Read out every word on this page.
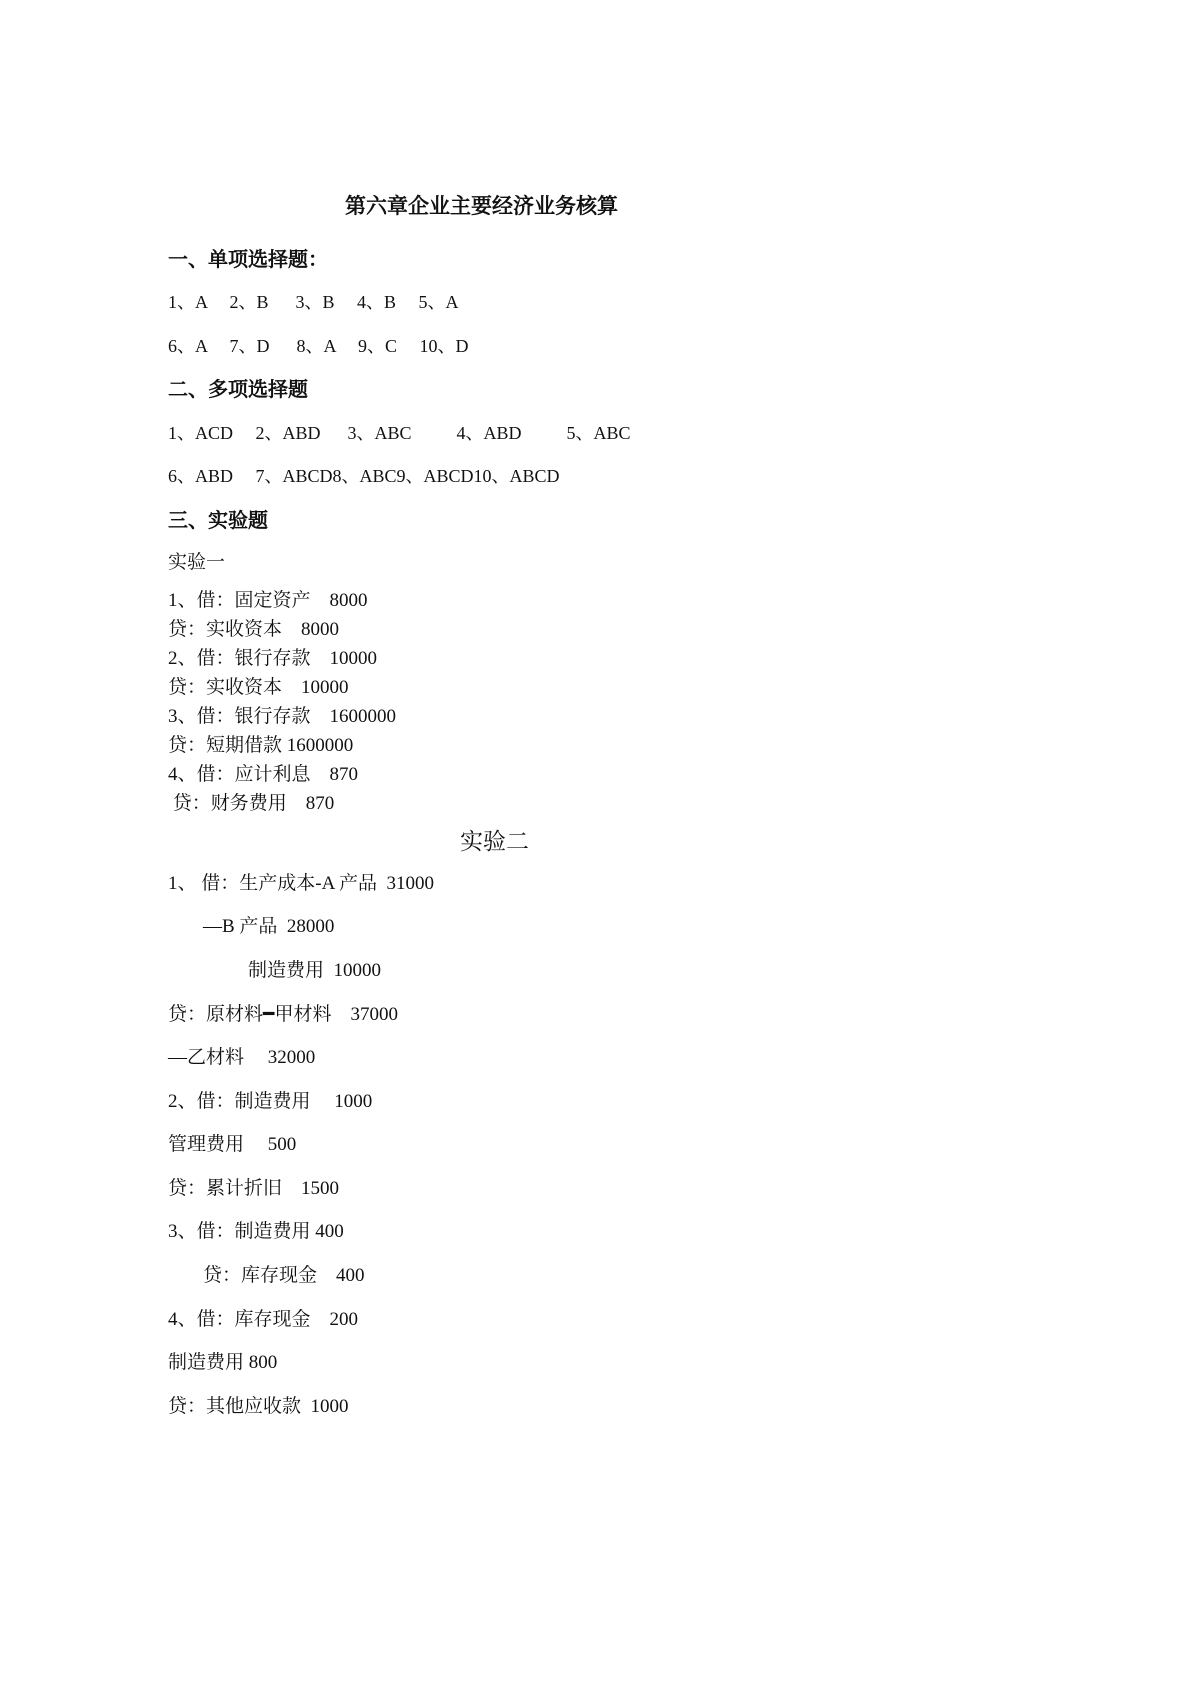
第六章企业主要经济业务核算
一、单项选择题：
1、A　 2、B　  3、B　 4、B　 5、A
6、A　 7、D　  8、A　 9、C　 10、D
二、多项选择题
1、ACD　 2、ABD　  3、ABC　　  4、ABD　　  5、ABC
6、ABD　 7、ABCD8、ABC9、ABCD10、ABCD
三、实验题
实验一
1、借：固定资产　8000
贷：实收资本　8000
2、借：银行存款　10000
贷：实收资本　10000
3、借：银行存款　1600000
贷：短期借款 1600000
4、借：应计利息　870
贷：财务费用　870
实验二
1、 借：生产成本-A 产品  31000
—B 产品  28000
制造费用  10000
贷：原材料━甲材料　37000
—乙材料　 32000
2、借：制造费用　 1000
管理费用　 500
贷：累计折旧　1500
3、借：制造费用 400
贷：库存现金　400
4、借：库存现金　200
制造费用 800
贷：其他应收款  1000
